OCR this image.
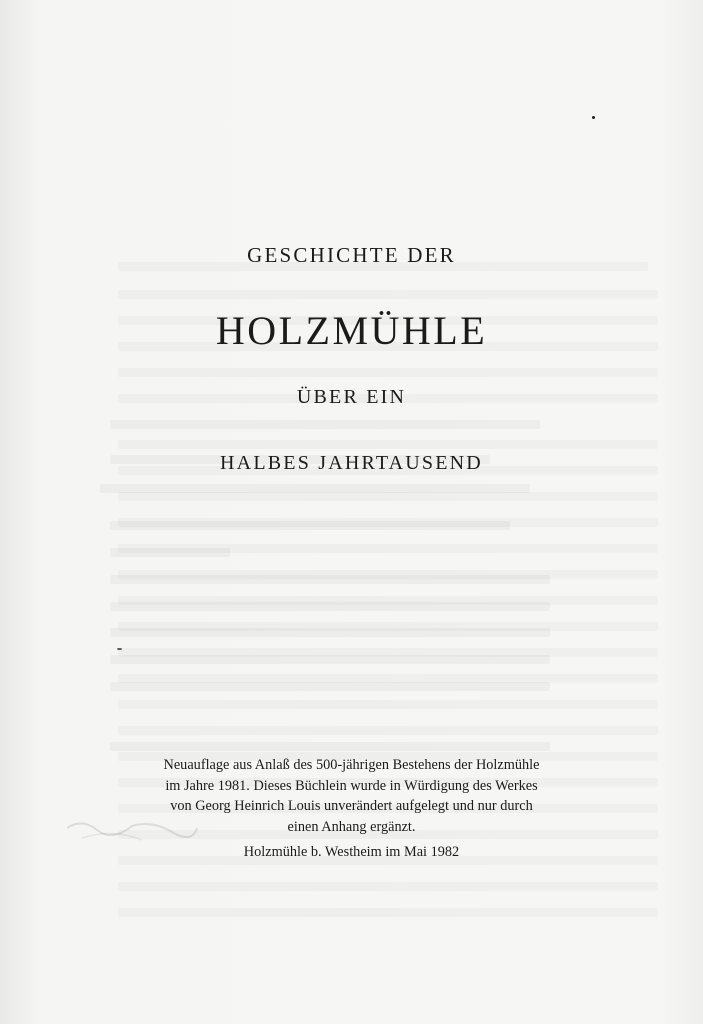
GESCHICHTE DER
HOLZMÜHLE
ÜBER EIN
HALBES JAHRTAUSEND

Neuauflage aus Anlaß des 500-jährigen Bestehens der Holzmühle

im Jahre 1981. Dieses Büchlein wurde in Würdigung des Werkes

von Georg Heinrich Louis unverändert aufgelegt und nur durch

einen Anhang ergänzt.

Holzmühle b. Westheim im Mai 1982
